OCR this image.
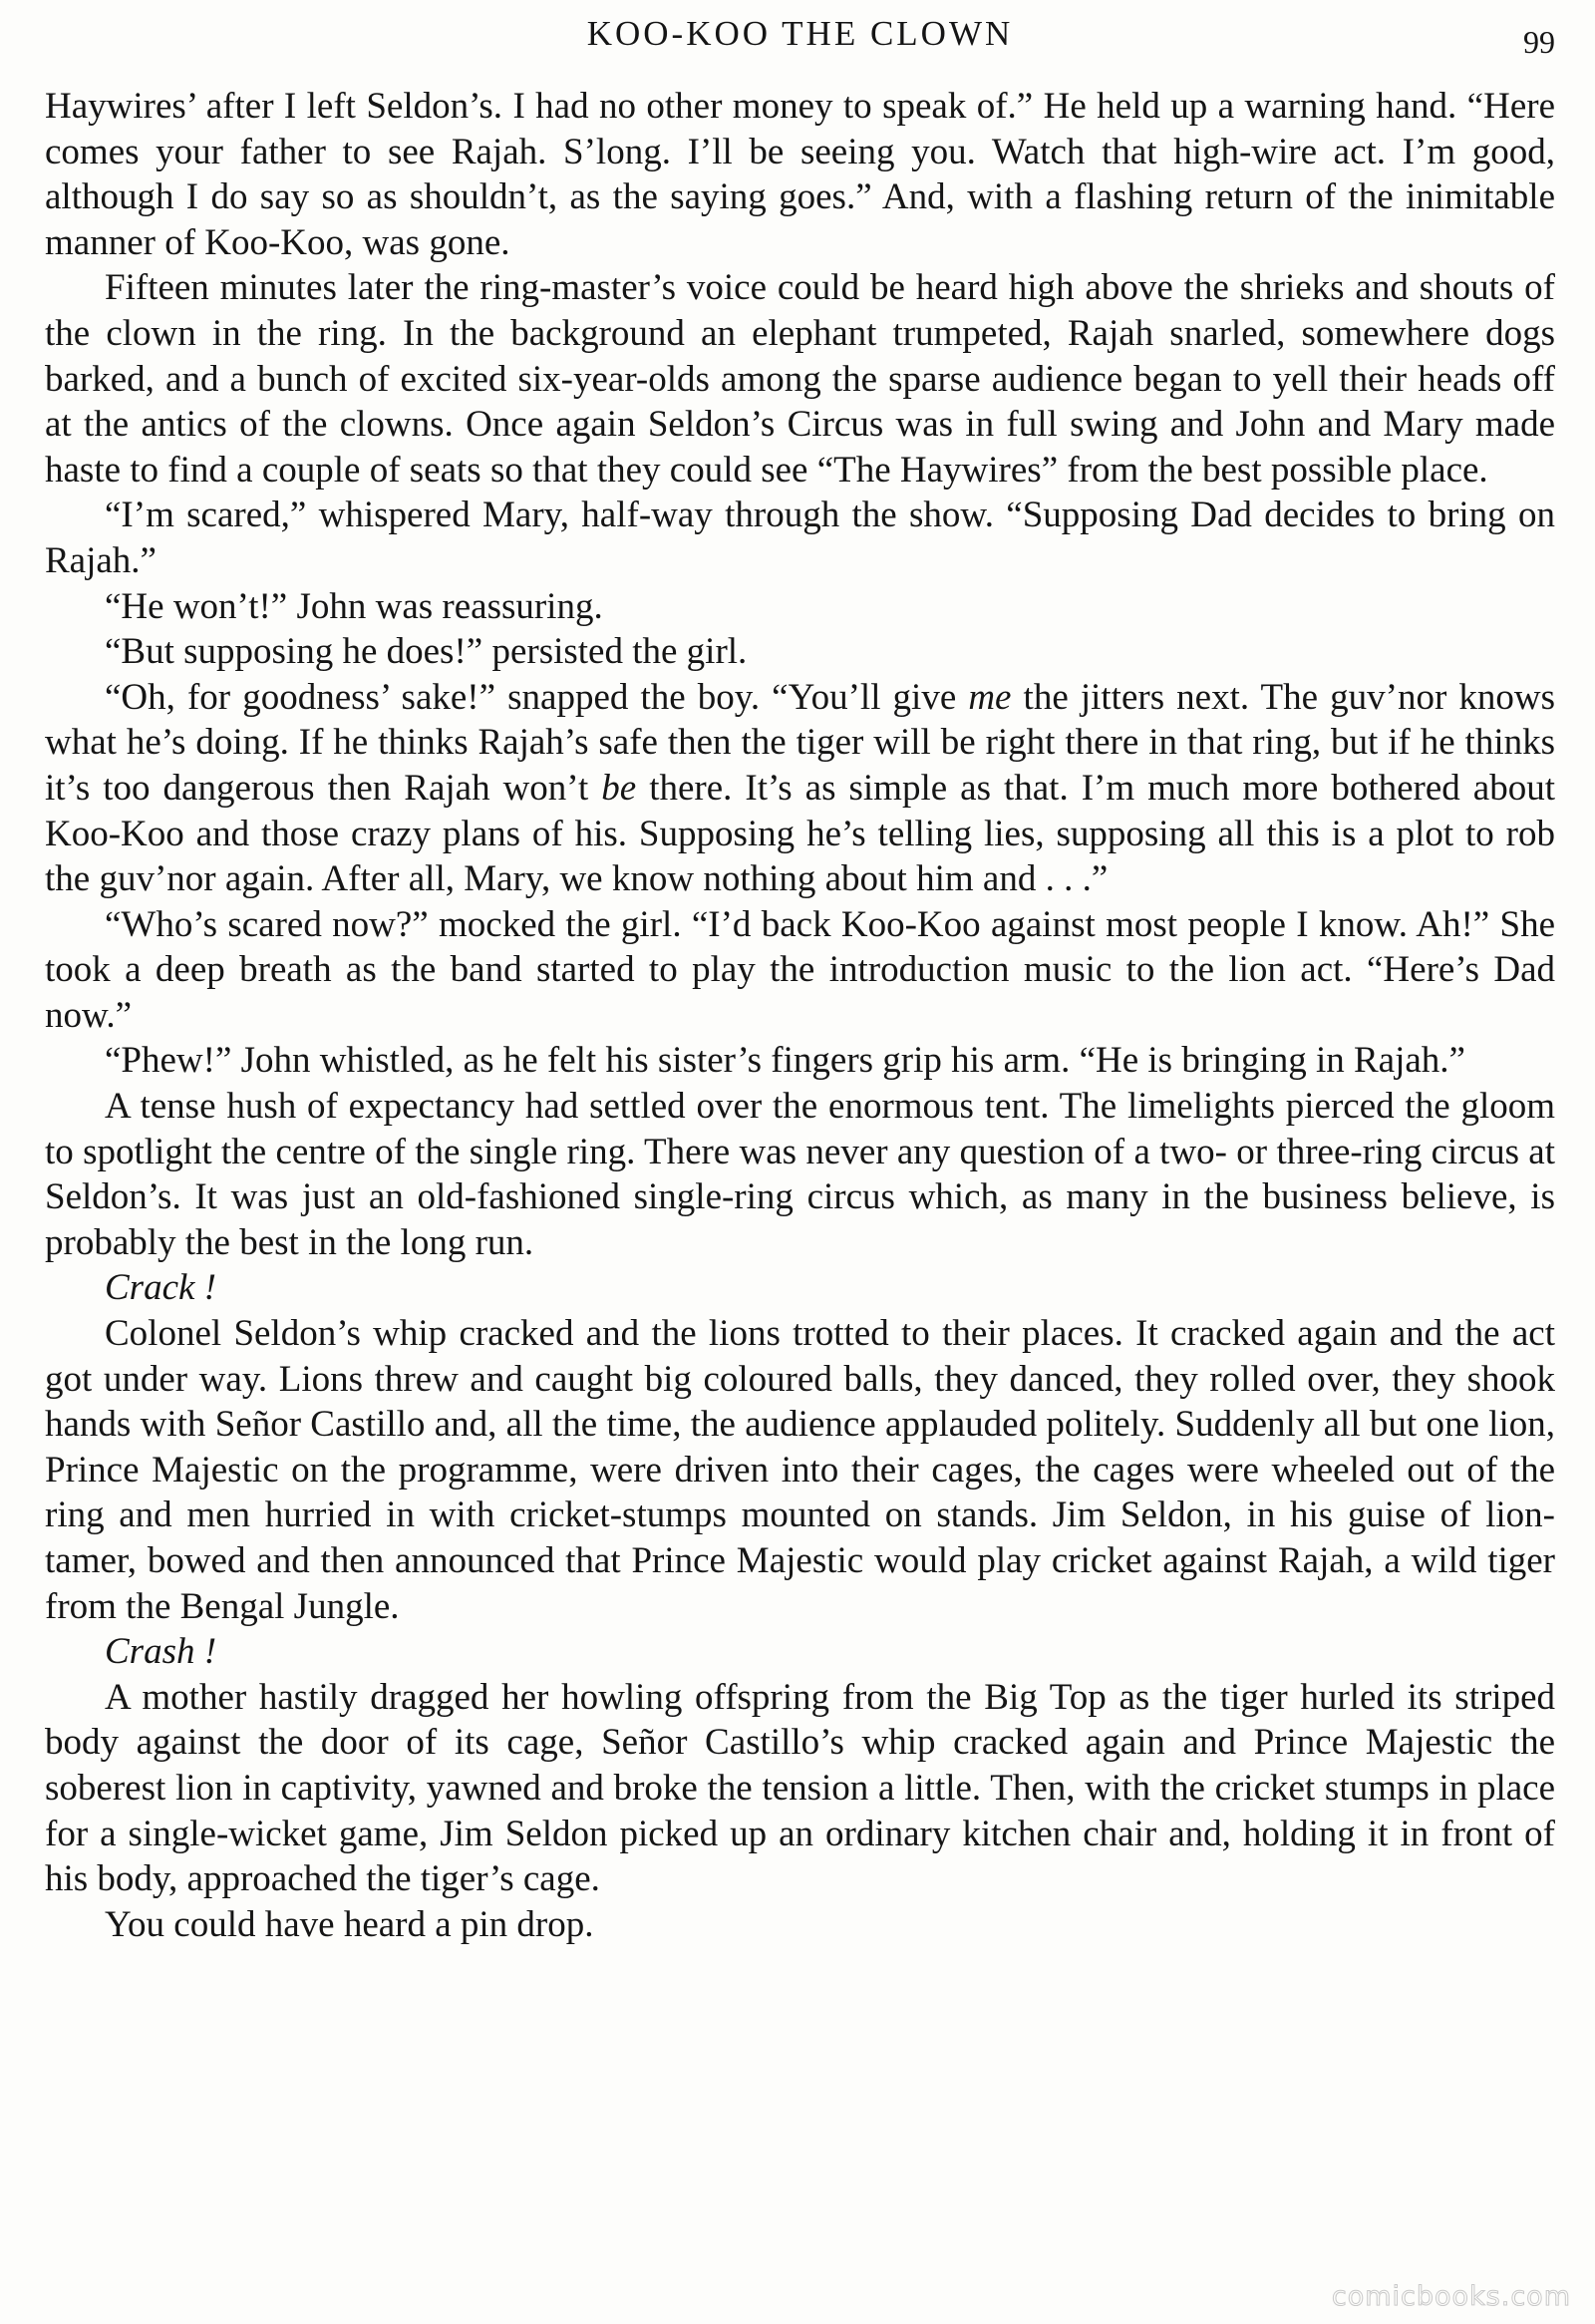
KOO-KOO THE CLOWN	99

Haywires’ after I left Seldon’s. I had no other money to speak of.” He held up a warning hand. “Here comes your father to see Rajah. S’long. I’ll be seeing you. Watch that high-wire act. I’m good, although I do say so as shouldn’t, as the saying goes.” And, with a flashing return of the inimitable manner of Koo-Koo, was gone.

Fifteen minutes later the ring-master’s voice could be heard high above the shrieks and shouts of the clown in the ring. In the background an elephant trumpeted, Rajah snarled, somewhere dogs barked, and a bunch of excited six-year-olds among the sparse audience began to yell their heads off at the antics of the clowns. Once again Seldon’s Circus was in full swing and John and Mary made haste to find a couple of seats so that they could see “The Haywires” from the best possible place.

“I’m scared,” whispered Mary, half-way through the show. “Supposing Dad decides to bring on Rajah.”

“He won’t!” John was reassuring.

“But supposing he does!” persisted the girl.

“Oh, for goodness’ sake!” snapped the boy. “You’ll give me the jitters next. The guv’nor knows what he’s doing. If he thinks Rajah’s safe then the tiger will be right there in that ring, but if he thinks it’s too dangerous then Rajah won’t be there. It’s as simple as that. I’m much more bothered about Koo-Koo and those crazy plans of his. Supposing he’s telling lies, supposing all this is a plot to rob the guv’nor again. After all, Mary, we know nothing about him and . . .”

“Who’s scared now?” mocked the girl. “I’d back Koo-Koo against most people I know. Ah!” She took a deep breath as the band started to play the introduction music to the lion act. “Here’s Dad now.”

“Phew!” John whistled, as he felt his sister’s fingers grip his arm. “He is bringing in Rajah.”

A tense hush of expectancy had settled over the enormous tent. The limelights pierced the gloom to spotlight the centre of the single ring. There was never any question of a two- or three-ring circus at Seldon’s. It was just an old-fashioned single-ring circus which, as many in the business believe, is probably the best in the long run.

Crack !

Colonel Seldon’s whip cracked and the lions trotted to their places. It cracked again and the act got under way. Lions threw and caught big coloured balls, they danced, they rolled over, they shook hands with Señor Castillo and, all the time, the audience applauded politely. Suddenly all but one lion, Prince Majestic on the programme, were driven into their cages, the cages were wheeled out of the ring and men hurried in with cricket-stumps mounted on stands. Jim Seldon, in his guise of lion-tamer, bowed and then announced that Prince Majestic would play cricket against Rajah, a wild tiger from the Bengal Jungle.

Crash !

A mother hastily dragged her howling offspring from the Big Top as the tiger hurled its striped body against the door of its cage, Señor Castillo’s whip cracked again and Prince Majestic the soberest lion in captivity, yawned and broke the tension a little. Then, with the cricket stumps in place for a single-wicket game, Jim Seldon picked up an ordinary kitchen chair and, holding it in front of his body, approached the tiger’s cage.

You could have heard a pin drop.

comicbooks.com
